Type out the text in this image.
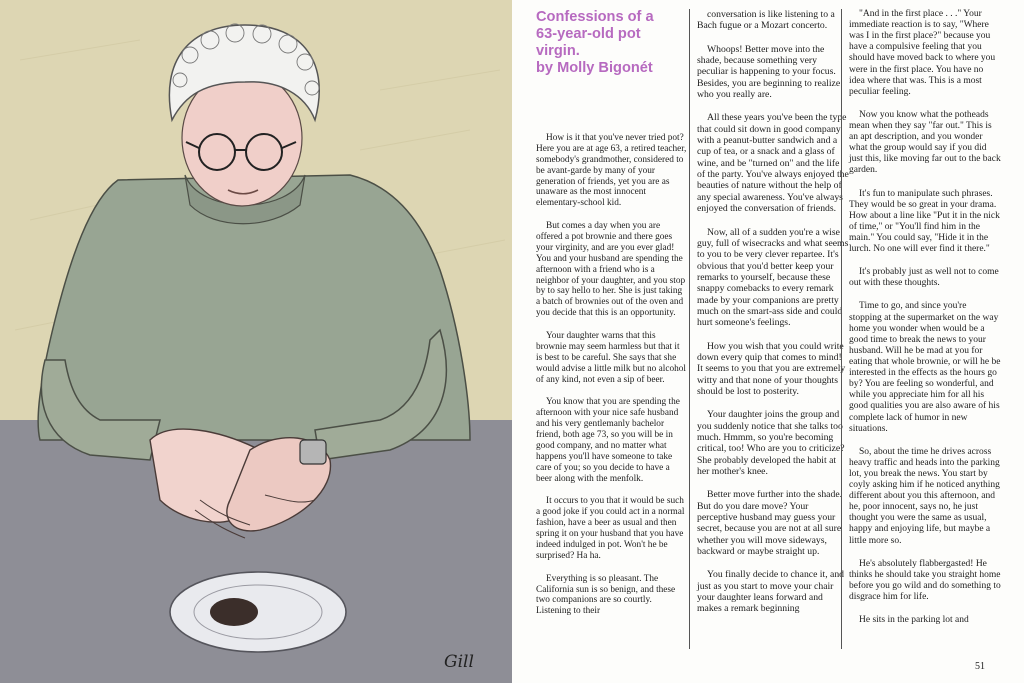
Gill
Confessions of a
63-year-old pot virgin.
by Molly Bigonét

How is it that you've never tried pot? Here you are at age 63, a retired teacher, somebody's grandmother, considered to be avant-garde by many of your generation of friends, yet you are as unaware as the most innocent elementary-school kid.

But comes a day when you are offered a pot brownie and there goes your virginity, and are you ever glad! You and your husband are spending the afternoon with a friend who is a neighbor of your daughter, and you stop by to say hello to her. She is just taking a batch of brownies out of the oven and you decide that this is an opportunity.

Your daughter warns that this brownie may seem harmless but that it is best to be careful. She says that she would advise a little milk but no alcohol of any kind, not even a sip of beer.

You know that you are spending the afternoon with your nice safe husband and his very gentlemanly bachelor friend, both age 73, so you will be in good company, and no matter what happens you'll have someone to take care of you; so you decide to have a beer along with the menfolk.

It occurs to you that it would be such a good joke if you could act in a normal fashion, have a beer as usual and then spring it on your husband that you have indeed indulged in pot. Won't he be surprised? Ha ha.

Everything is so pleasant. The California sun is so benign, and these two companions are so courtly. Listening to their

conversation is like listening to a Bach fugue or a Mozart concerto.

Whoops! Better move into the shade, because something very peculiar is happening to your focus. Besides, you are beginning to realize who you really are.

All these years you've been the type that could sit down in good company with a peanut-butter sandwich and a cup of tea, or a snack and a glass of wine, and be "turned on" and the life of the party. You've always enjoyed the beauties of nature without the help of any special awareness. You've always enjoyed the conversation of friends.

Now, all of a sudden you're a wise guy, full of wisecracks and what seems to you to be very clever repartee. It's obvious that you'd better keep your remarks to yourself, because these snappy comebacks to every remark made by your companions are pretty much on the smart-ass side and could hurt someone's feelings.

How you wish that you could write down every quip that comes to mind! It seems to you that you are extremely witty and that none of your thoughts should be lost to posterity.

Your daughter joins the group and you suddenly notice that she talks too much. Hmmm, so you're becoming critical, too! Who are you to criticize? She probably developed the habit at her mother's knee.

Better move further into the shade. But do you dare move? Your perceptive husband may guess your secret, because you are not at all sure whether you will move sideways, backward or maybe straight up.

You finally decide to chance it, and just as you start to move your chair your daughter leans forward and makes a remark beginning

"And in the first place . . ." Your immediate reaction is to say, "Where was I in the first place?" because you have a compulsive feeling that you should have moved back to where you were in the first place. You have no idea where that was. This is a most peculiar feeling.

Now you know what the potheads mean when they say "far out." This is an apt description, and you wonder what the group would say if you did just this, like moving far out to the back garden.

It's fun to manipulate such phrases. They would be so great in your drama. How about a line like "Put it in the nick of time," or "You'll find him in the main." You could say, "Hide it in the lurch. No one will ever find it there."

It's probably just as well not to come out with these thoughts.

Time to go, and since you're stopping at the supermarket on the way home you wonder when would be a good time to break the news to your husband. Will he be mad at you for eating that whole brownie, or will he be interested in the effects as the hours go by? You are feeling so wonderful, and while you appreciate him for all his good qualities you are also aware of his complete lack of humor in new situations.

So, about the time he drives across heavy traffic and heads into the parking lot, you break the news. You start by coyly asking him if he noticed anything different about you this afternoon, and he, poor innocent, says no, he just thought you were the same as usual, happy and enjoying life, but maybe a little more so.

He's absolutely flabbergasted! He thinks he should take you straight home before you go wild and do something to disgrace him for life.

He sits in the parking lot and

51
